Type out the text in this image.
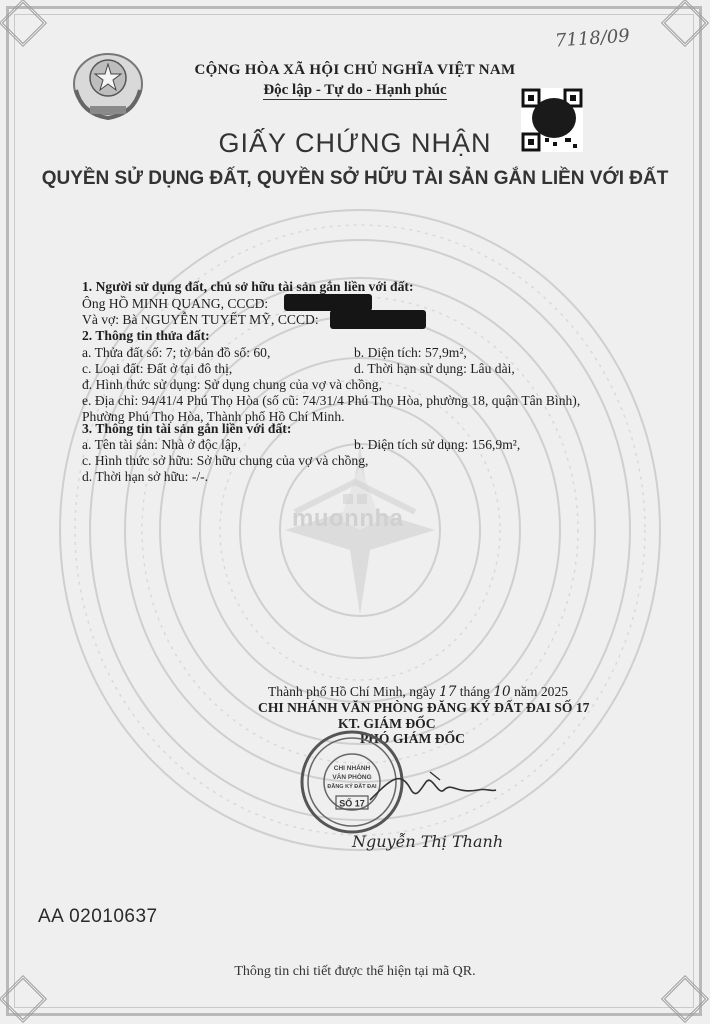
7118/09
CỘNG HÒA XÃ HỘI CHỦ NGHĨA VIỆT NAM
Độc lập - Tự do - Hạnh phúc
GIẤY CHỨNG NHẬN
QUYỀN SỬ DỤNG ĐẤT, QUYỀN SỞ HỮU TÀI SẢN GẮN LIỀN VỚI ĐẤT
muonnha
1. Người sử dụng đất, chủ sở hữu tài sản gắn liền với đất:
Ông HỒ MINH QUANG, CCCD:
Và vợ: Bà NGUYỄN TUYẾT MỸ, CCCD:
2. Thông tin thửa đất:
a. Thửa đất số: 7; tờ bản đồ số: 60,	b. Diện tích: 57,9m²,
c. Loại đất: Đất ở tại đô thị,	d. Thời hạn sử dụng: Lâu dài,
đ. Hình thức sử dụng: Sử dụng chung của vợ và chồng,
e. Địa chỉ: 94/41/4 Phú Thọ Hòa (số cũ: 74/31/4 Phú Thọ Hòa, phường 18, quận Tân Bình),
Phường Phú Thọ Hòa, Thành phố Hồ Chí Minh.
3. Thông tin tài sản gắn liền với đất:
a. Tên tài sản: Nhà ở độc lập,	b. Diện tích sử dụng: 156,9m²,
c. Hình thức sở hữu: Sở hữu chung của vợ và chồng,
d. Thời hạn sở hữu: -/-.
Thành phố Hồ Chí Minh, ngày 17 tháng 10 năm 2025
CHI NHÁNH VĂN PHÒNG ĐĂNG KÝ ĐẤT ĐAI SỐ 17
KT. GIÁM ĐỐC
PHÓ GIÁM ĐỐC
CHI NHÁNH
VĂN PHÒNG
ĐĂNG KÝ ĐẤT ĐAI
SỐ 17
Nguyễn Thị Thanh
AA 02010637
Thông tin chi tiết được thể hiện tại mã QR.
